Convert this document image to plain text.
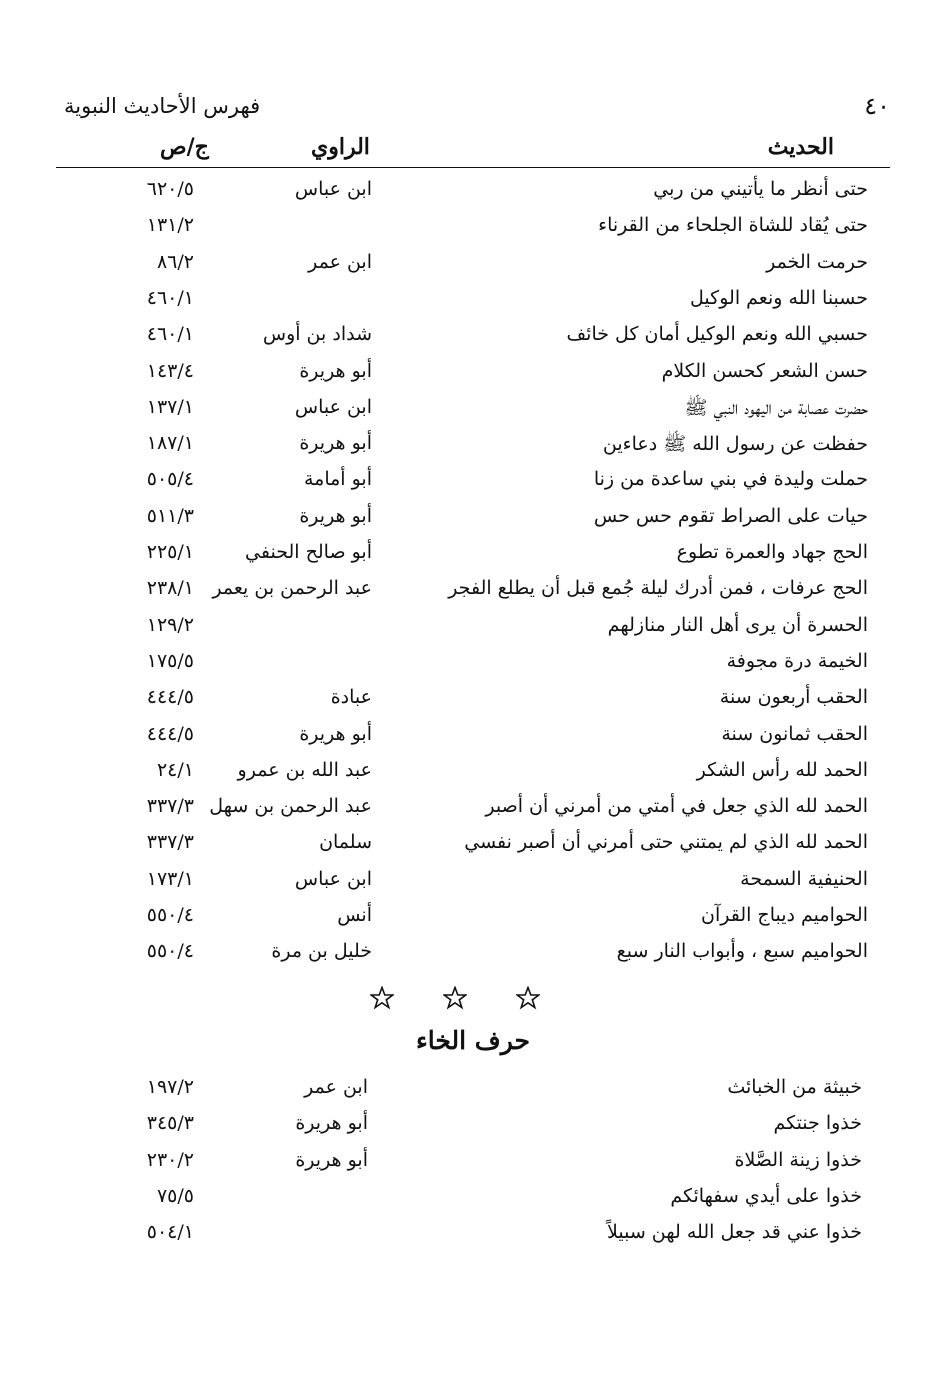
٤٠
فهرس الأحاديث النبوية
الحديث
الراوي
ج/ص
حتى أنظر ما يأتيني من ربي
ابن عباس
٦٢٠/٥
حتى يُقاد للشاة الجلحاء من القرناء
١٣١/٢
حرمت الخمر
ابن عمر
٨٦/٢
حسبنا الله ونعم الوكيل
٤٦٠/١
حسبي الله ونعم الوكيل أمان كل خائف
شداد بن أوس
٤٦٠/١
حسن الشعر كحسن الكلام
أبو هريرة
١٤٣/٤
حضرت عصابة من اليهود النبي ﷺ
ابن عباس
١٣٧/١
حفظت عن رسول الله ﷺ دعاءين
أبو هريرة
١٨٧/١
حملت وليدة في بني ساعدة من زنا
أبو أمامة
٥٠٥/٤
حيات على الصراط تقوم حس حس
أبو هريرة
٥١١/٣
الحج جهاد والعمرة تطوع
أبو صالح الحنفي
٢٢٥/١
الحج عرفات ، فمن أدرك ليلة جُمع قبل أن يطلع الفجر
عبد الرحمن بن يعمر
٢٣٨/١
الحسرة أن يرى أهل النار منازلهم
١٢٩/٢
الخيمة درة مجوفة
١٧٥/٥
الحقب أربعون سنة
عبادة
٤٤٤/٥
الحقب ثمانون سنة
أبو هريرة
٤٤٤/٥
الحمد لله رأس الشكر
عبد الله بن عمرو
٢٤/١
الحمد لله الذي جعل في أمتي من أمرني أن أصبر
عبد الرحمن بن سهل
٣٣٧/٣
الحمد لله الذي لم يمتني حتى أمرني أن أصبر نفسي
سلمان
٣٣٧/٣
الحنيفية السمحة
ابن عباس
١٧٣/١
الحواميم ديباج القرآن
أنس
٥٥٠/٤
الحواميم سبع ، وأبواب النار سبع
خليل بن مرة
٥٥٠/٤
حرف الخاء
خبيثة من الخبائث
ابن عمر
١٩٧/٢
خذوا جنتكم
أبو هريرة
٣٤٥/٣
خذوا زينة الصَّلاة
أبو هريرة
٢٣٠/٢
خذوا على أيدي سفهائكم
٧٥/٥
خذوا عني قد جعل الله لهن سبيلاً
٥٠٤/١
